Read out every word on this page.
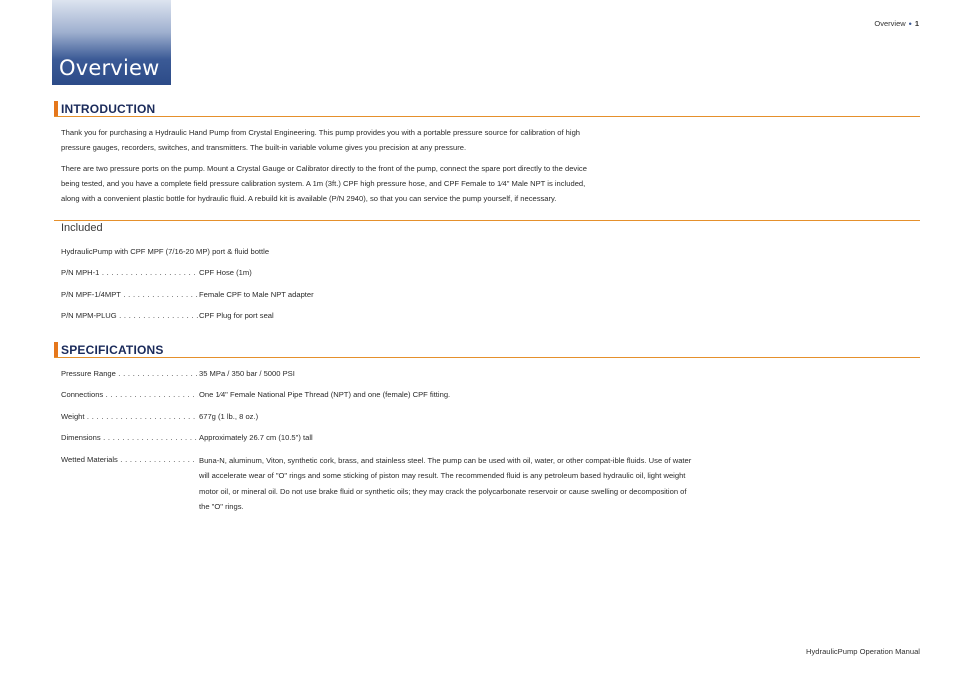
Overview
Overview • 1
INTRODUCTION
Thank you for purchasing a Hydraulic Hand Pump from Crystal Engineering. This pump provides you with a portable pressure source for calibration of high
pressure gauges, recorders, switches, and transmitters. The built-in variable volume gives you precision at any pressure.
There are two pressure ports on the pump. Mount a Crystal Gauge or Calibrator directly to the front of the pump, connect the spare port directly to the device
being tested, and you have a complete field pressure calibration system. A 1m (3ft.) CPF high pressure hose, and CPF Female to 1⁄4" Male NPT is included,
along with a convenient plastic bottle for hydraulic fluid. A rebuild kit is available (P/N 2940), so that you can service the pump yourself, if necessary.
Included
HydraulicPump with CPF MPF (7/16-20 MP) port & fluid bottle
P/N MPH-1 . . .	CPF Hose (1m)
P/N MPF-1/4MPT . . .	Female CPF to Male NPT adapter
P/N MPM-PLUG . . .	CPF Plug for port seal
SPECIFICATIONS
Pressure Range . . .	35 MPa / 350 bar / 5000 PSI
Connections . . .	One 1⁄4" Female National Pipe Thread (NPT) and one (female) CPF fitting.
Weight . . .	677g (1 lb., 8 oz.)
Dimensions . . .	Approximately 26.7 cm (10.5") tall
Wetted Materials . . .	Buna-N, aluminum, Viton, synthetic cork, brass, and stainless steel. The pump can be used with oil, water, or other compat-ible fluids. Use of water will accelerate wear of "O" rings and some sticking of piston may result. The recommended fluid is any petroleum based hydraulic oil, light weight motor oil, or mineral oil. Do not use brake fluid or synthetic oils; they may crack the polycarbonate reservoir or cause swelling or decomposition of the "O" rings.
HydraulicPump Operation Manual
